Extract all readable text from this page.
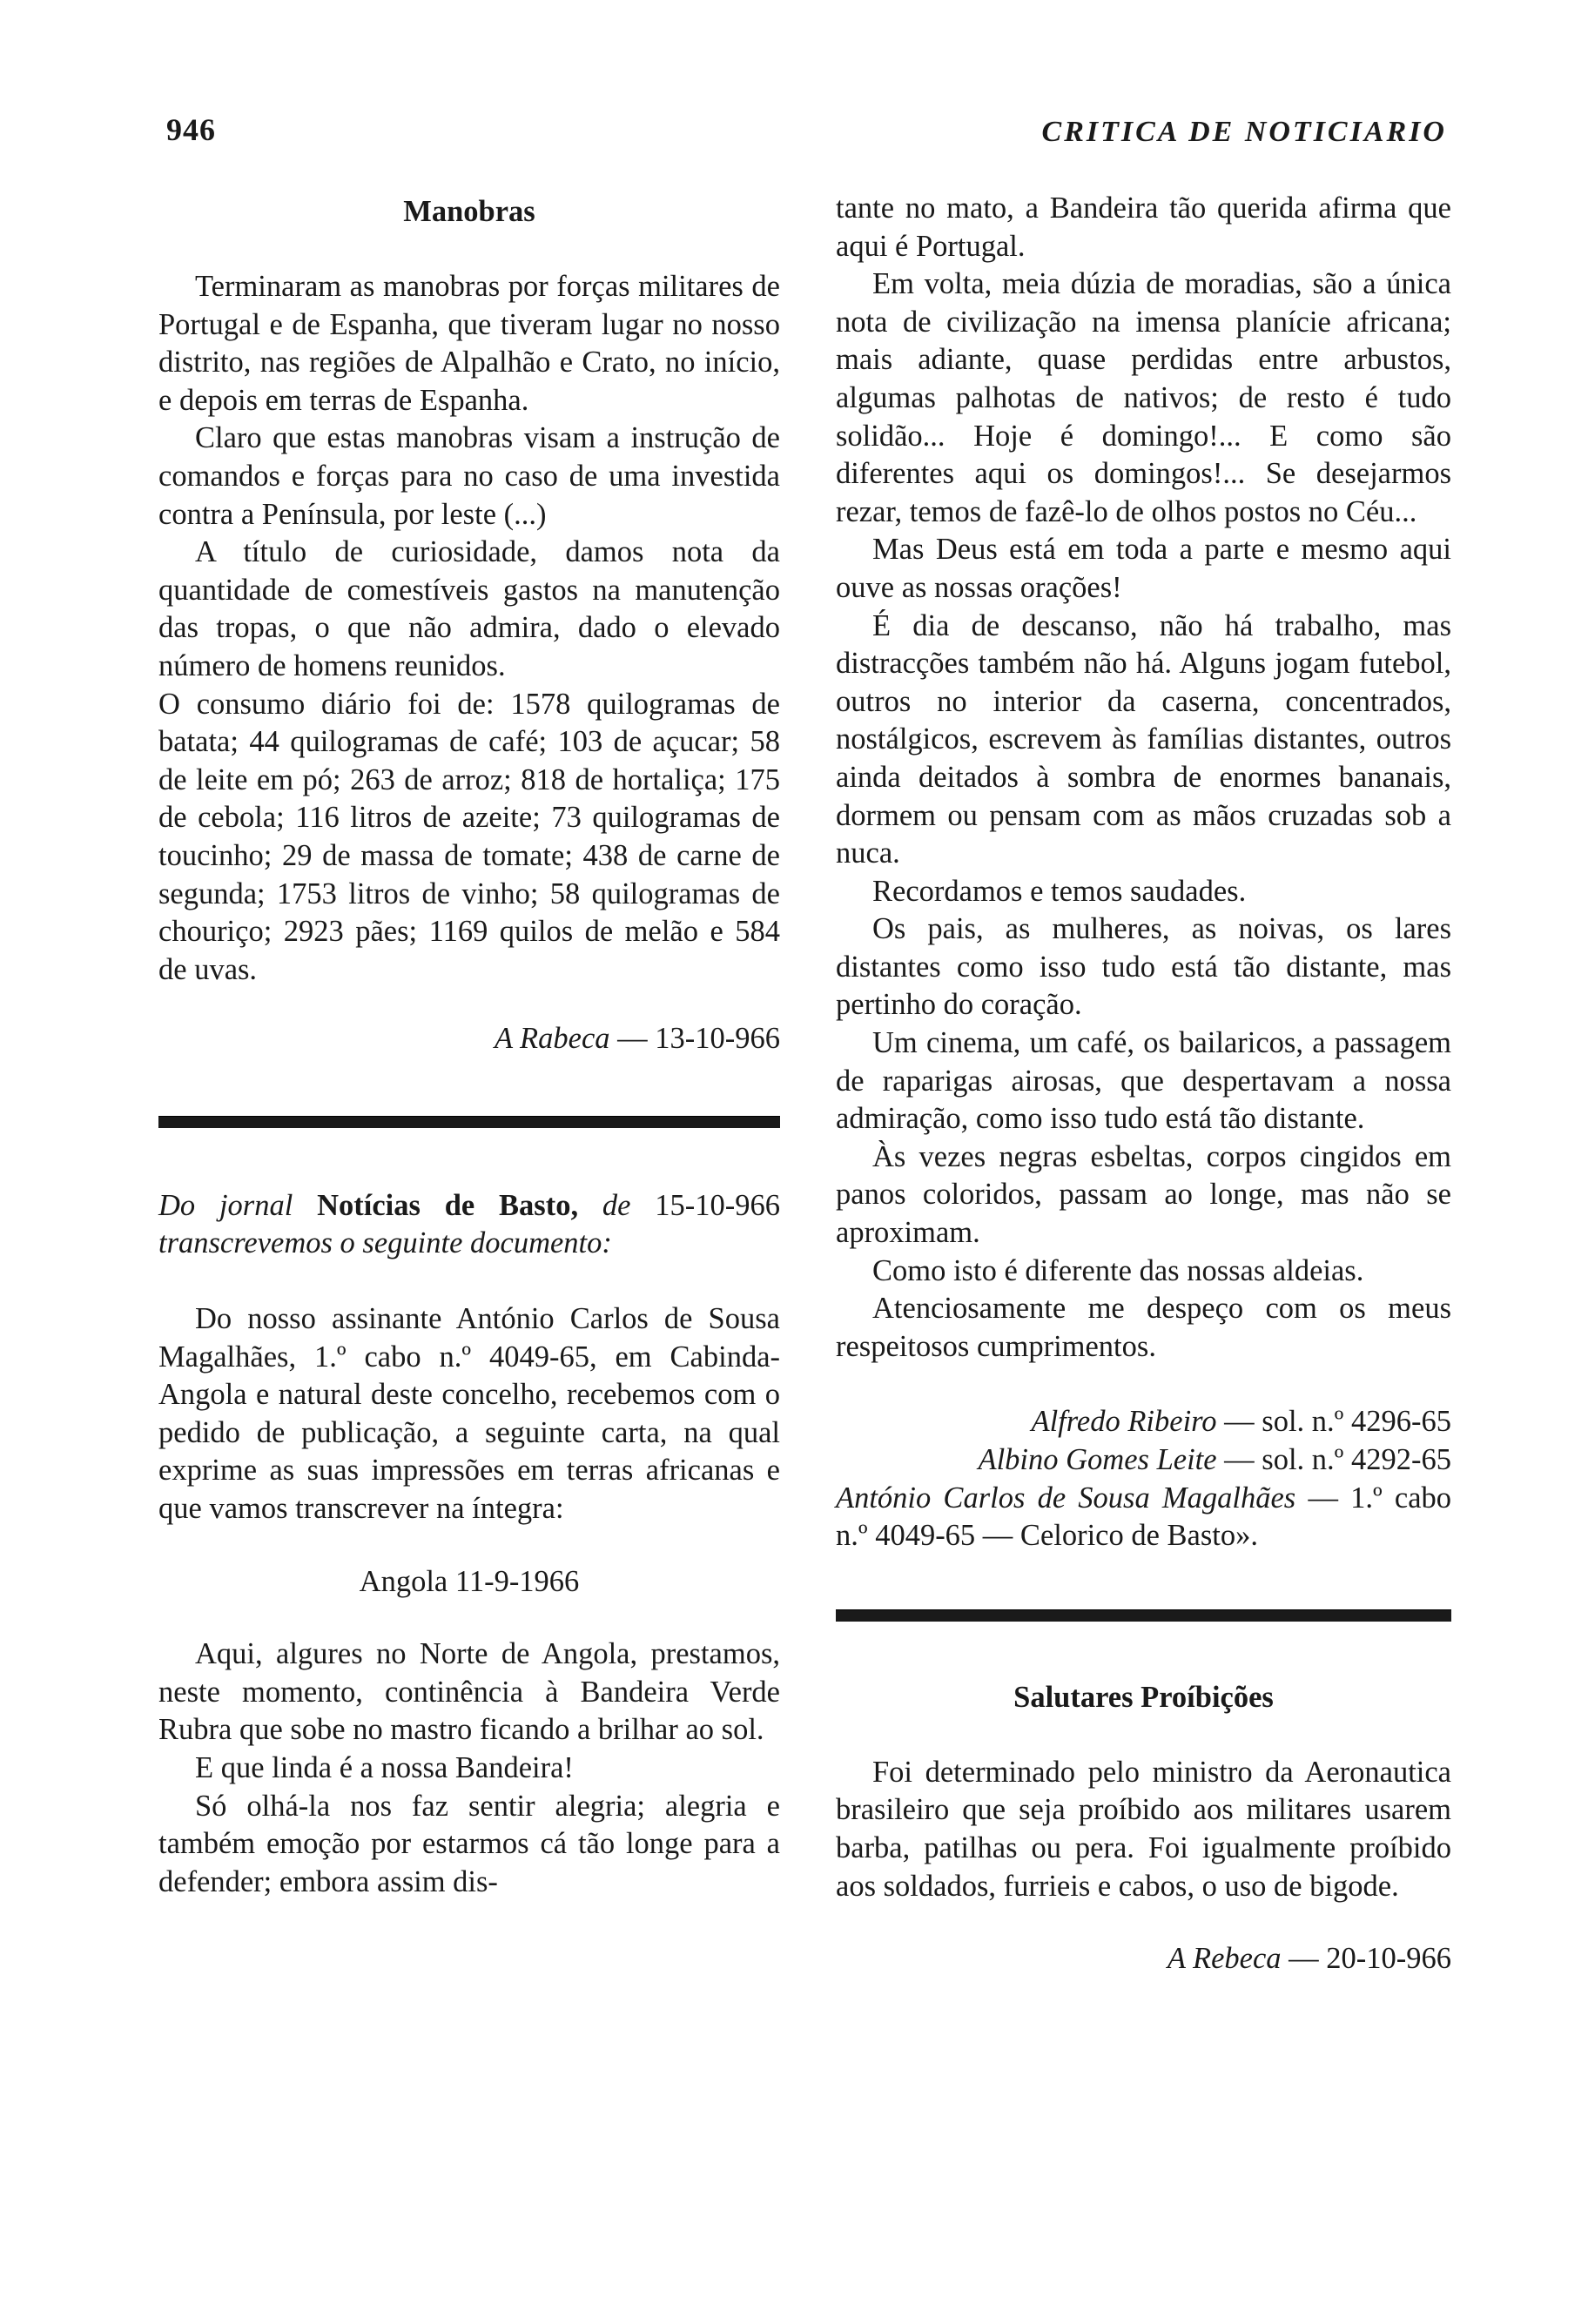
946	CRITICA DE NOTICIARIO
Manobras

Terminaram as manobras por forças militares de Portugal e de Espanha, que tiveram lugar no nosso distrito, nas regiões de Alpalhão e Crato, no início, e depois em terras de Espanha.

Claro que estas manobras visam a instrução de comandos e forças para no caso de uma investida contra a Península, por leste (...)

A título de curiosidade, damos nota da quantidade de comestíveis gastos na manutenção das tropas, o que não admira, dado o elevado número de homens reunidos.

O consumo diário foi de: 1578 quilogramas de batata; 44 quilogramas de café; 103 de açucar; 58 de leite em pó; 263 de arroz; 818 de hortaliça; 175 de cebola; 116 litros de azeite; 73 quilogramas de toucinho; 29 de massa de tomate; 438 de carne de segunda; 1753 litros de vinho; 58 quilogramas de chouriço; 2923 pães; 1169 quilos de melão e 584 de uvas.

A Rabeca — 13-10-966

Do jornal Notícias de Basto, de 15-10-966 transcrevemos o seguinte documento:

Do nosso assinante António Carlos de Sousa Magalhães, 1.º cabo n.º 4049-65, em Cabinda-Angola e natural deste concelho, recebemos com o pedido de publicação, a seguinte carta, na qual exprime as suas impressões em terras africanas e que vamos transcrever na íntegra:

Angola 11-9-1966

Aqui, algures no Norte de Angola, prestamos, neste momento, continência à Bandeira Verde Rubra que sobe no mastro ficando a brilhar ao sol.

E que linda é a nossa Bandeira!

Só olhá-la nos faz sentir alegria; alegria e também emoção por estarmos cá tão longe para a defender; embora assim dis-

tante no mato, a Bandeira tão querida afirma que aqui é Portugal.

Em volta, meia dúzia de moradias, são a única nota de civilização na imensa planície africana; mais adiante, quase perdidas entre arbustos, algumas palhotas de nativos; de resto é tudo solidão... Hoje é domingo!... E como são diferentes aqui os domingos!... Se desejarmos rezar, temos de fazê-lo de olhos postos no Céu...

Mas Deus está em toda a parte e mesmo aqui ouve as nossas orações!

É dia de descanso, não há trabalho, mas distracções também não há. Alguns jogam futebol, outros no interior da caserna, concentrados, nostálgicos, escrevem às famílias distantes, outros ainda deitados à sombra de enormes bananais, dormem ou pensam com as mãos cruzadas sob a nuca.

Recordamos e temos saudades.

Os pais, as mulheres, as noivas, os lares distantes como isso tudo está tão distante, mas pertinho do coração.

Um cinema, um café, os bailaricos, a passagem de raparigas airosas, que despertavam a nossa admiração, como isso tudo está tão distante.

Às vezes negras esbeltas, corpos cingidos em panos coloridos, passam ao longe, mas não se aproximam.

Como isto é diferente das nossas aldeias.

Atenciosamente me despeço com os meus respeitosos cumprimentos.

Alfredo Ribeiro — sol. n.º 4296-65

Albino Gomes Leite — sol. n.º 4292-65

António Carlos de Sousa Magalhães — 1.º cabo n.º 4049-65 — Celorico de Basto».

Salutares Proíbições

Foi determinado pelo ministro da Aeronautica brasileiro que seja proíbido aos militares usarem barba, patilhas ou pera. Foi igualmente proíbido aos soldados, furrieis e cabos, o uso de bigode.

A Rebeca — 20-10-966
